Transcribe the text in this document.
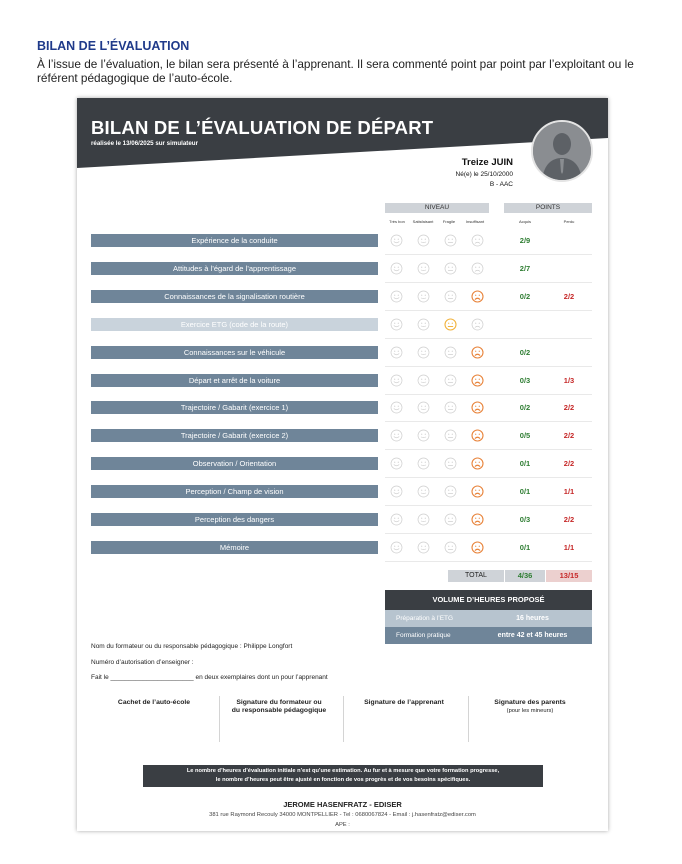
BILAN DE L’ÉVALUATION
À l’issue de l’évaluation, le bilan sera présenté à l’apprenant. Il sera commenté point par point par l’exploitant ou le référent pédagogique de l’auto-école.
BILAN DE L’ÉVALUATION DE DÉPART
réalisée le 13/06/2025 sur simulateur
Treize JUIN
Né(e) le 25/10/2000
B - AAC
NIVEAU	POINTS
Très bon	Satisfaisant	Fragile	Insuffisant	Acquis	Perdu
Expérience de la conduite	2/9
Attitudes à l’égard de l’apprentissage	2/7
Connaissances de la signalisation routière	0/2	2/2
Exercice ETG (code de la route)
Connaissances sur le véhicule	0/2
Départ et arrêt de la voiture	0/3	1/3
Trajectoire / Gabarit (exercice 1)	0/2	2/2
Trajectoire / Gabarit (exercice 2)	0/5	2/2
Observation / Orientation	0/1	2/2
Perception / Champ de vision	0/1	1/1
Perception des dangers	0/3	2/2
Mémoire	0/1	1/1
TOTAL	4/36	13/15
VOLUME D’HEURES PROPOSÉ
Préparation à l’ETG	16 heures
Formation pratique	entre 42 et 45 heures
Nom du formateur ou du responsable pédagogique : Philippe Longfort
Numéro d’autorisation d’enseigner :
Fait le _______________________ en deux exemplaires dont un pour l’apprenant
Cachet de l’auto-école	Signature du formateur ou
du responsable pédagogique
Signature de l’apprenant	Signature des parents
(pour les mineurs)
Le nombre d’heures d’évaluation initiale n’est qu’une estimation. Au fur et à mesure que votre formation progresse,
le nombre d’heures peut être ajusté en fonction de vos progrès et de vos besoins spécifiques.
JEROME HASENFRATZ - EDISER
381 rue Raymond Recouly 34000 MONTPELLIER - Tel : 0680067824 - Email : j.hasenfratz@ediser.com
APE :
